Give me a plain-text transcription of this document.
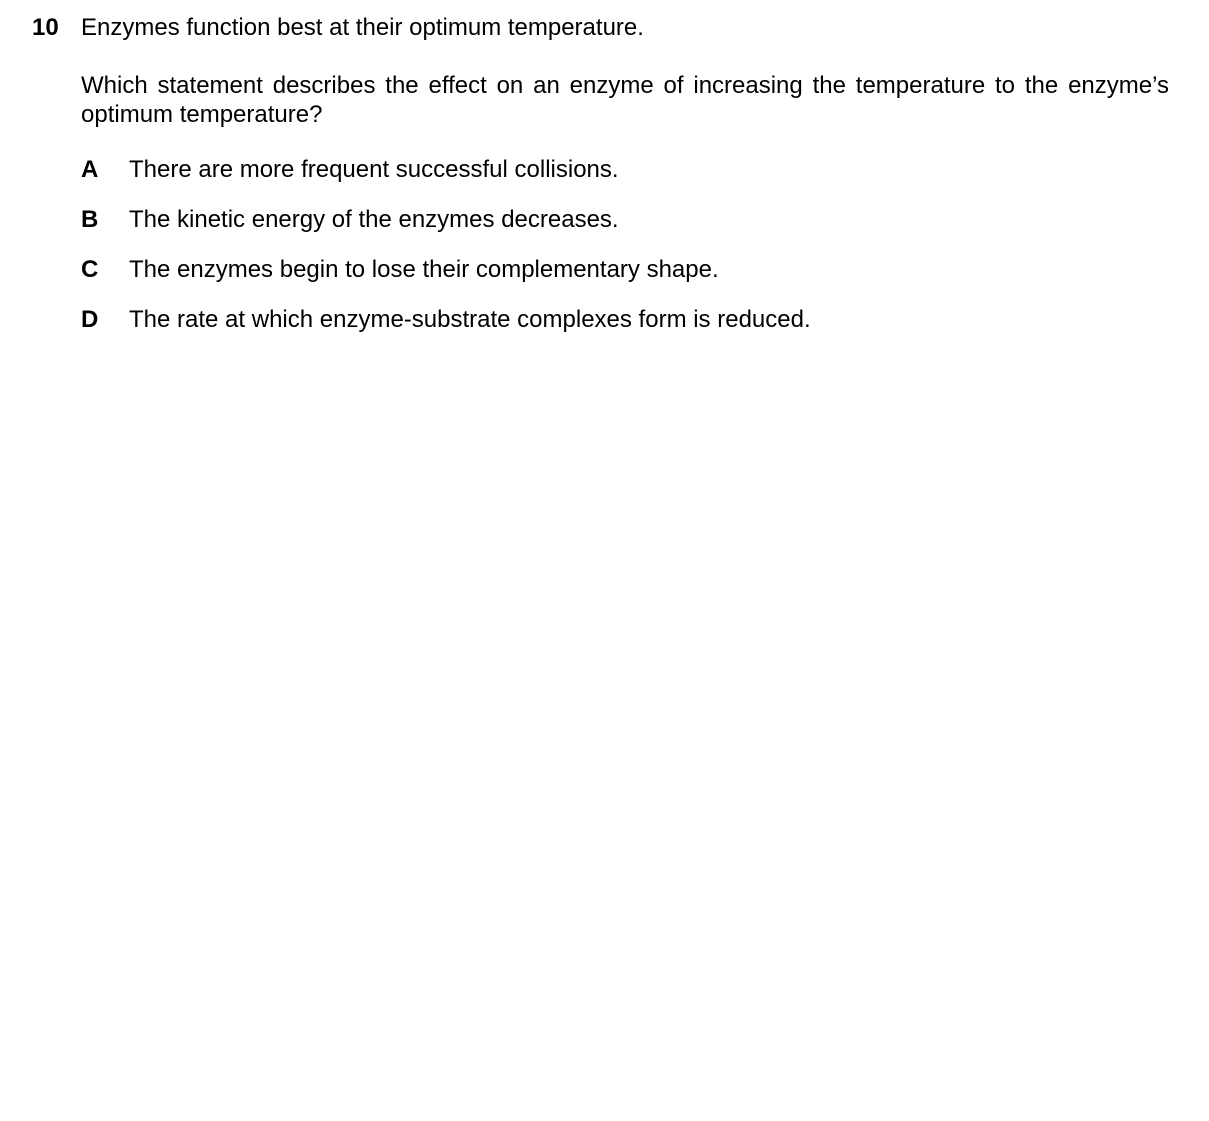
10 Enzymes function best at their optimum temperature.

Which statement describes the effect on an enzyme of increasing the temperature to the enzyme’s optimum temperature?

A	There are more frequent successful collisions.
B	The kinetic energy of the enzymes decreases.
C	The enzymes begin to lose their complementary shape.
D	The rate at which enzyme-substrate complexes form is reduced.
